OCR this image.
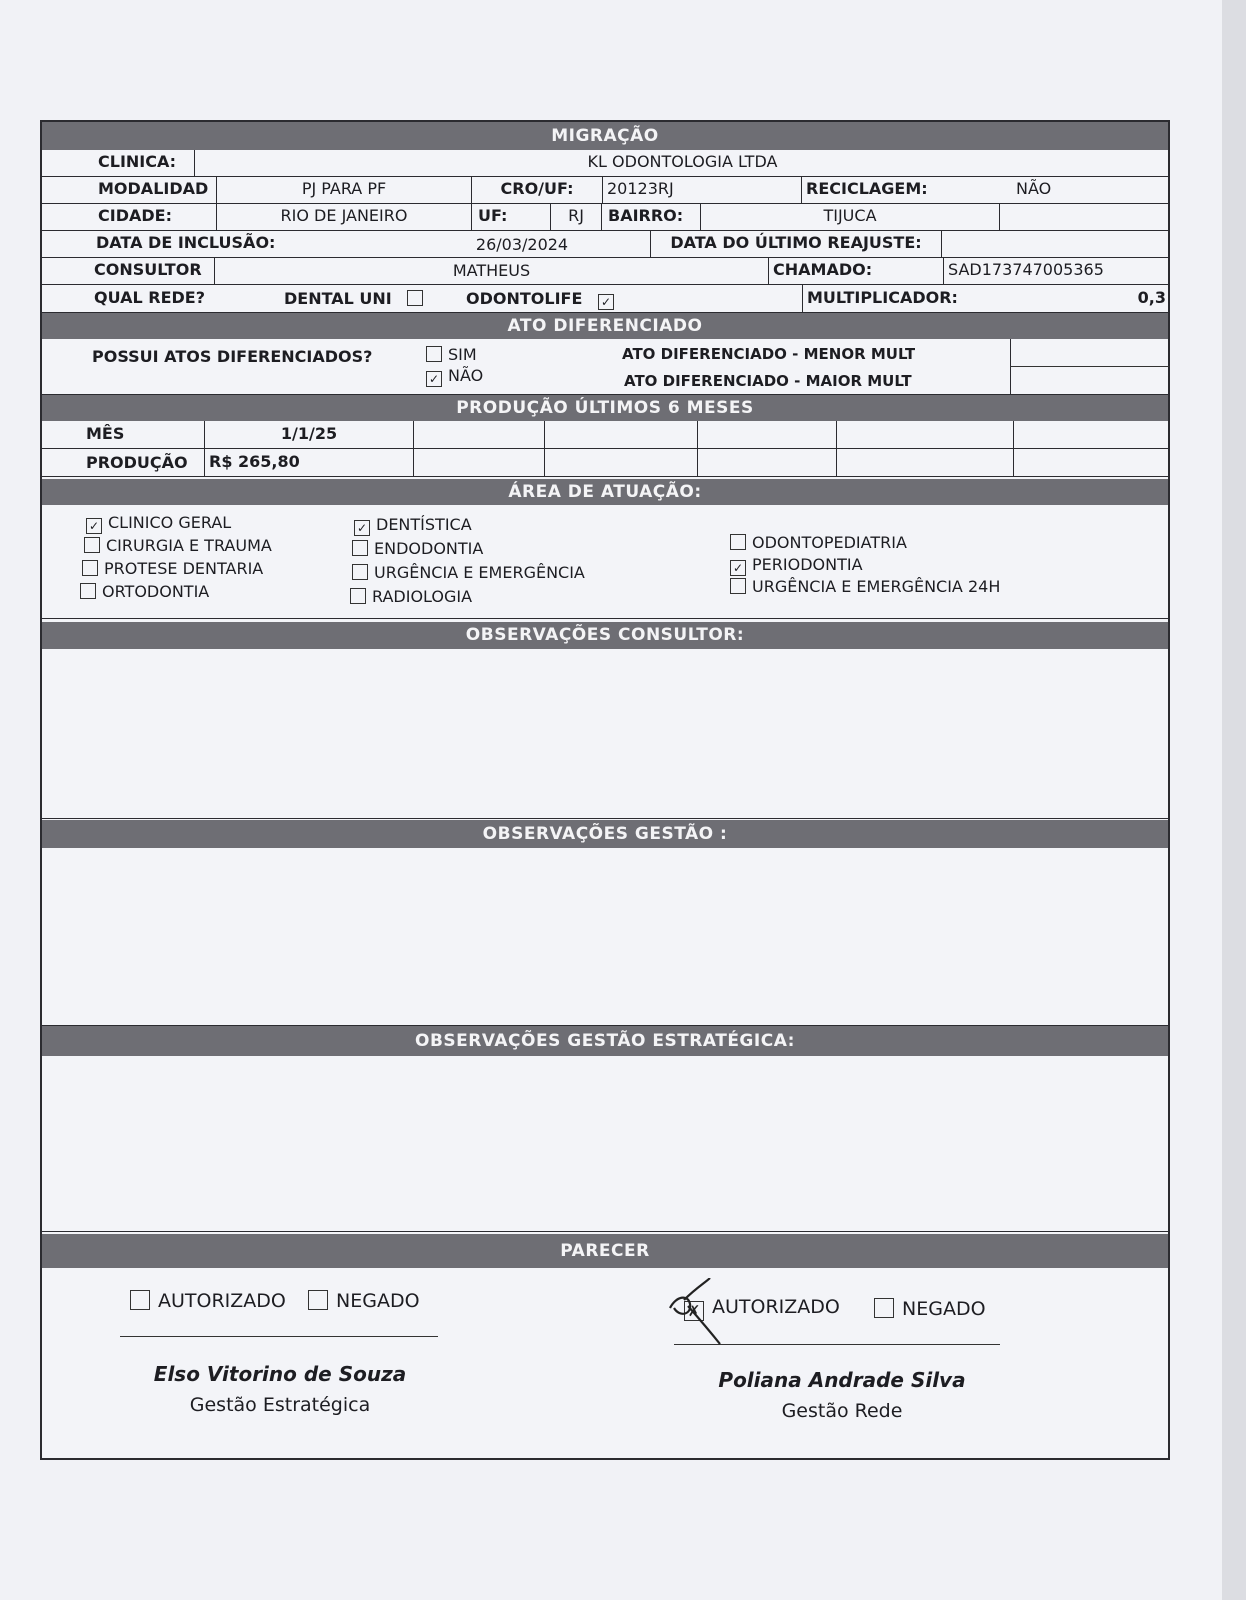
MIGRAÇÃO
CLINICA:	KL ODONTOLOGIA LTDA
MODALIDAD	PJ PARA PF	CRO/UF:	20123RJ	RECICLAGEM:	NÃO
CIDADE:	RIO DE JANEIRO	UF:	RJ	BAIRRO:	TIJUCA
DATA DE INCLUSÃO:	26/03/2024	DATA DO ÚLTIMO REAJUSTE:
CONSULTOR	MATHEUS	CHAMADO:	SAD173747005365
QUAL REDE?	DENTAL UNI	ODONTOLIFE ✓	MULTIPLICADOR:	0,3
ATO DIFERENCIADO
POSSUI ATOS DIFERENCIADOS?	SIM
✓ NÃO
ATO DIFERENCIADO - MENOR MULT
ATO DIFERENCIADO - MAIOR MULT
PRODUÇÃO ÚLTIMOS 6 MESES
MÊS	1/1/25
PRODUÇÃO	R$ 265,80
ÁREA DE ATUAÇÃO:
✓ CLINICO GERAL
CIRURGIA E TRAUMA
PROTESE DENTARIA
ORTODONTIA
✓ DENTÍSTICA
ENDODONTIA
URGÊNCIA E EMERGÊNCIA
RADIOLOGIA
ODONTOPEDIATRIA
✓ PERIODONTIA
URGÊNCIA E EMERGÊNCIA 24H
OBSERVAÇÕES CONSULTOR:
OBSERVAÇÕES GESTÃO :
OBSERVAÇÕES GESTÃO ESTRATÉGICA:
PARECER
AUTORIZADO	NEGADO
Elso Vitorino de Souza
Gestão Estratégica
✗ AUTORIZADO	NEGADO
Poliana Andrade Silva
Gestão Rede
